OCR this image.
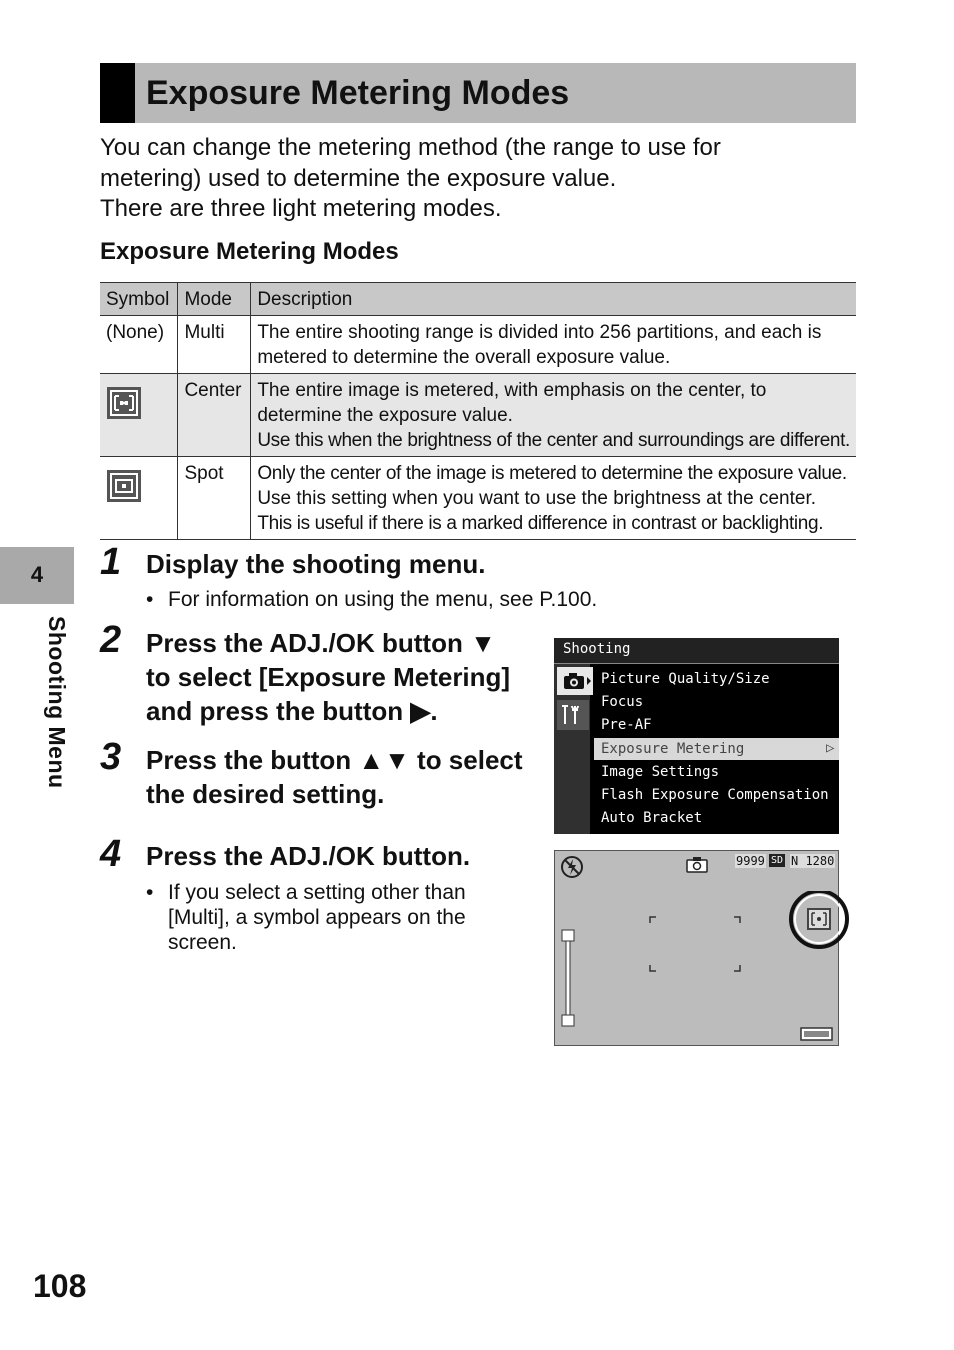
Exposure Metering Modes
You can change the metering method (the range to use for
metering) used to determine the exposure value.
There are three light metering modes.
Exposure Metering Modes
Symbol	Mode	Description
(None)	Multi	The entire shooting range is divided into 256 partitions, and each is
metered to determine the overall exposure value.

	Center	The entire image is metered, with emphasis on the center, to
determine the exposure value.
Use this when the brightness of the center and surroundings are different.

	Spot	Only the center of the image is metered to determine the exposure value.
Use this setting when you want to use the brightness at the center.
This is useful if there is a marked difference in contrast or backlighting.
4
Shooting Menu
1 Display the shooting menu.
• For information on using the menu, see P.100.
2 Press the ADJ./OK button ▼
to select [Exposure Metering]
and press the button ▶.
3 Press the button ▲▼ to select
the desired setting.
4 Press the ADJ./OK button.
• If you select a setting other than
[Multi], a symbol appears on the
screen.
Shooting
Picture Quality/Size
Focus
Pre-AF
Exposure Metering	▷
Image Settings
Flash Exposure Compensation
Auto Bracket
9999 SD N 1280
108
